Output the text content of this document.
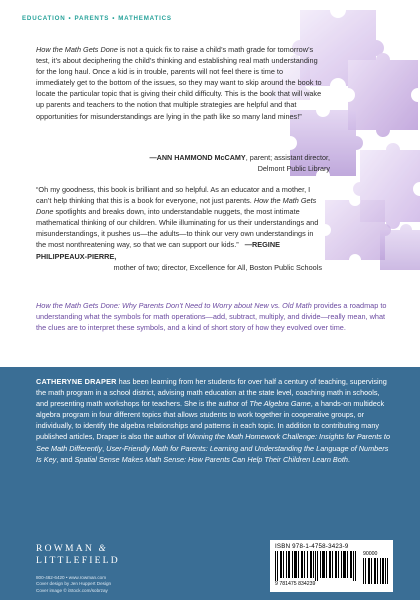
EDUCATION • PARENTS • MATHEMATICS
How the Math Gets Done is not a quick fix to raise a child’s math grade for tomorrow’s test, it’s about deciphering the child’s thinking and establishing real math understanding for the long haul. Once a kid is in trouble, parents will not feel there is time to immediately get to the bottom of the issues, so they may want to skip around the book to locate the particular topic that is giving their child difficulty. This is the book that will wake up parents and teachers to the notion that multiple strategies are helpful and that opportunities for misunderstandings are lying in the path like so many land mines!”
—ANN HAMMOND McCAMY, parent; assistant director,
Delmont Public Library
“Oh my goodness, this book is brilliant and so helpful. As an educator and a mother, I can’t help thinking that this is a book for everyone, not just parents. How the Math Gets Done spotlights and breaks down, into understandable nuggets, the most intimate mathematical thinking of our children. While illuminating for us their understandings and misunderstandings, it pushes us—the adults—to think our very own understandings in the most nonthreatening way, so that we can support our kids.” —REGINE PHILIPPEAUX-PIERRE,
mother of two; director, Excellence for All, Boston Public Schools
How the Math Gets Done: Why Parents Don’t Need to Worry about New vs. Old Math provides a roadmap to understanding what the symbols for math operations—add, subtract, multiply, and divide—really mean, what the clues are to interpret these symbols, and a kind of short story of how they evolved over time.
CATHERYNE DRAPER has been learning from her students for over half a century of teaching, supervising the math program in a school district, advising math education at the state level, coaching math in schools, and presenting math workshops for teachers. She is the author of The Algebra Game, a hands-on multideck algebra program in four different topics that allows students to work together in cooperative groups, or individually, to identify the algebra relationships and patterns in each topic. In addition to contributing many published articles, Draper is also the author of Winning the Math Homework Challenge: Insights for Parents to See Math Differently, User-Friendly Math for Parents: Learning and Understanding the Language of Numbers Is Key, and Spatial Sense Makes Math Sense: How Parents Can Help Their Children Learn Both.
ROWMAN &
LITTLEFIELD
800-462-6420 • www.rowman.com
Cover design by Jen Huppert Design
Cover image © iStock.com/sobrzay
ISBN 978-1-4758-3423-9
9 781475 834239
90000
